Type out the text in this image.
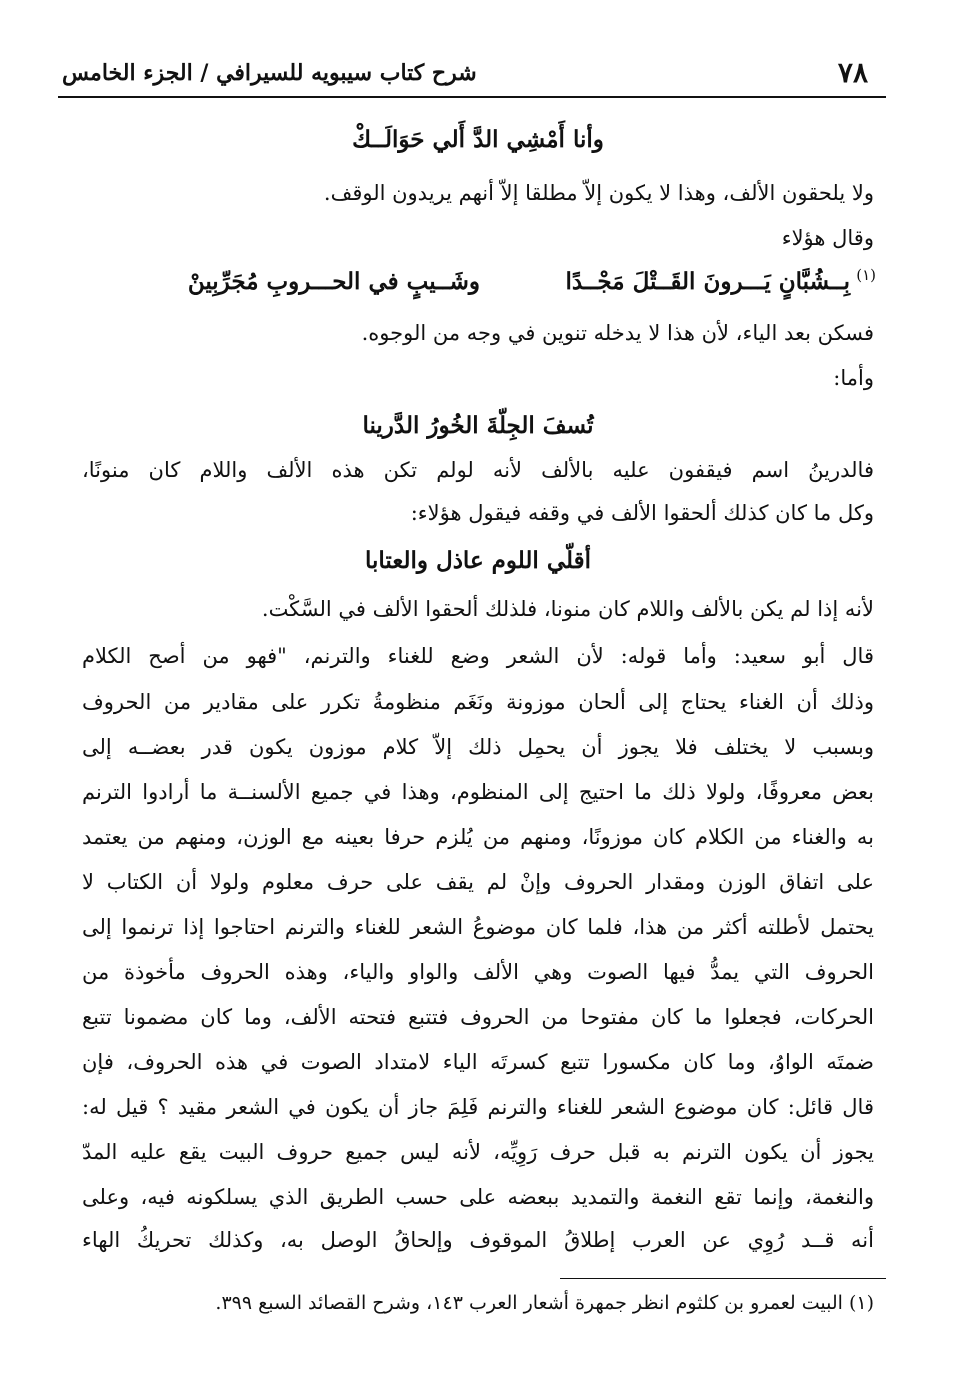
٧٨
شرح كتاب سيبويه للسيرافي / الجزء الخامس
وأنا أَمْشِي الدَّ أَلي حَوَالَــكْ
ولا يلحقون الألف، وهذا لا يكون إلاّ مطلقا إلاّ أنهم يريدون الوقف.
وقال هؤلاء
بِــشُبَّانٍ يَـــرونَ القَــتْلَ مَجْــدًا
وشَــيبٍ في الحـــروبِ مُجَرِّبِينْ	(١)
فسكن بعد الياء، لأن هذا لا يدخله تنوين في وجه من الوجوه.
وأما:
تُسفَ الجِلّةَ الخُورُ الدَّرينا
فالدرينُ اسم فيقفون عليه بالألف لأنه لولم تكن هذه الألف واللام كان منونًا،
وكل ما كان كذلك ألحقوا الألف في وقفه فيقول هؤلاء:
أقلّي اللوم عاذل والعتابا
لأنه إذا لم يكن بالألف واللام كان منونا، فلذلك ألحقوا الألف في السَّكْت.
قال أبو سعيد: وأما قوله: لأن الشعر وضع للغناء والترنم، "فهو من أصح الكلام
وذلك أن الغناء يحتاج إلى ألحان موزونة ونَغَم منظومةُ تكرر على مقادير من الحروف
وبسبب لا يختلف فلا يجوز أن يحمِل ذلك إلاّ كلام موزون يكون قدر بعضــه إلى
بعض معروفًا، ولولا ذلك ما احتيج إلى المنظوم، وهذا في جميع الألسنــة ما أرادوا الترنم
به والغناء من الكلام كان موزونًا، ومنهم من يُلزم حرفا بعينه مع الوزن، ومنهم من يعتمد
على اتفاق الوزن ومقدار الحروف وإنْ لم يقف على حرف معلوم ولولا أن الكتاب لا
يحتمل لأطلته أكثر من هذا، فلما كان موضوعُ الشعر للغناء والترنم احتاجوا إذا ترنموا إلى
الحروف التي يمدُّ فيها الصوت وهي الألف والواو والياء، وهذه الحروف مأخوذة من
الحركات، فجعلوا ما كان مفتوحا من الحروف فتتبع فتحته الألف، وما كان مضمونا تتبع
ضمتَه الواوُ، وما كان مكسورا تتبع كسرتَه الياء لامتداد الصوت في هذه الحروف، فإن
قال قائل: كان موضوع الشعر للغناء والترنم فَلِمَ جاز أن يكون في الشعر مقيد ؟ قيل له:
يجوز أن يكون الترنم به قبل حرف رَوِيِّه، لأنه ليس جميع حروف البيت يقع عليه المدّ
والنغمة، وإنما تقع النغمة والتمديد ببعضه على حسب الطريق الذي يسلكونه فيه، وعلى
أنه قــد رُوِي عن العرب إطلاقُ الموقوف وإلحاقُ الوصل به، وكذلك تحريكُ الهاء
(١) البيت لعمرو بن كلثوم انظر جمهرة أشعار العرب ١٤٣، وشرح القصائد السبع ٣٩٩.
